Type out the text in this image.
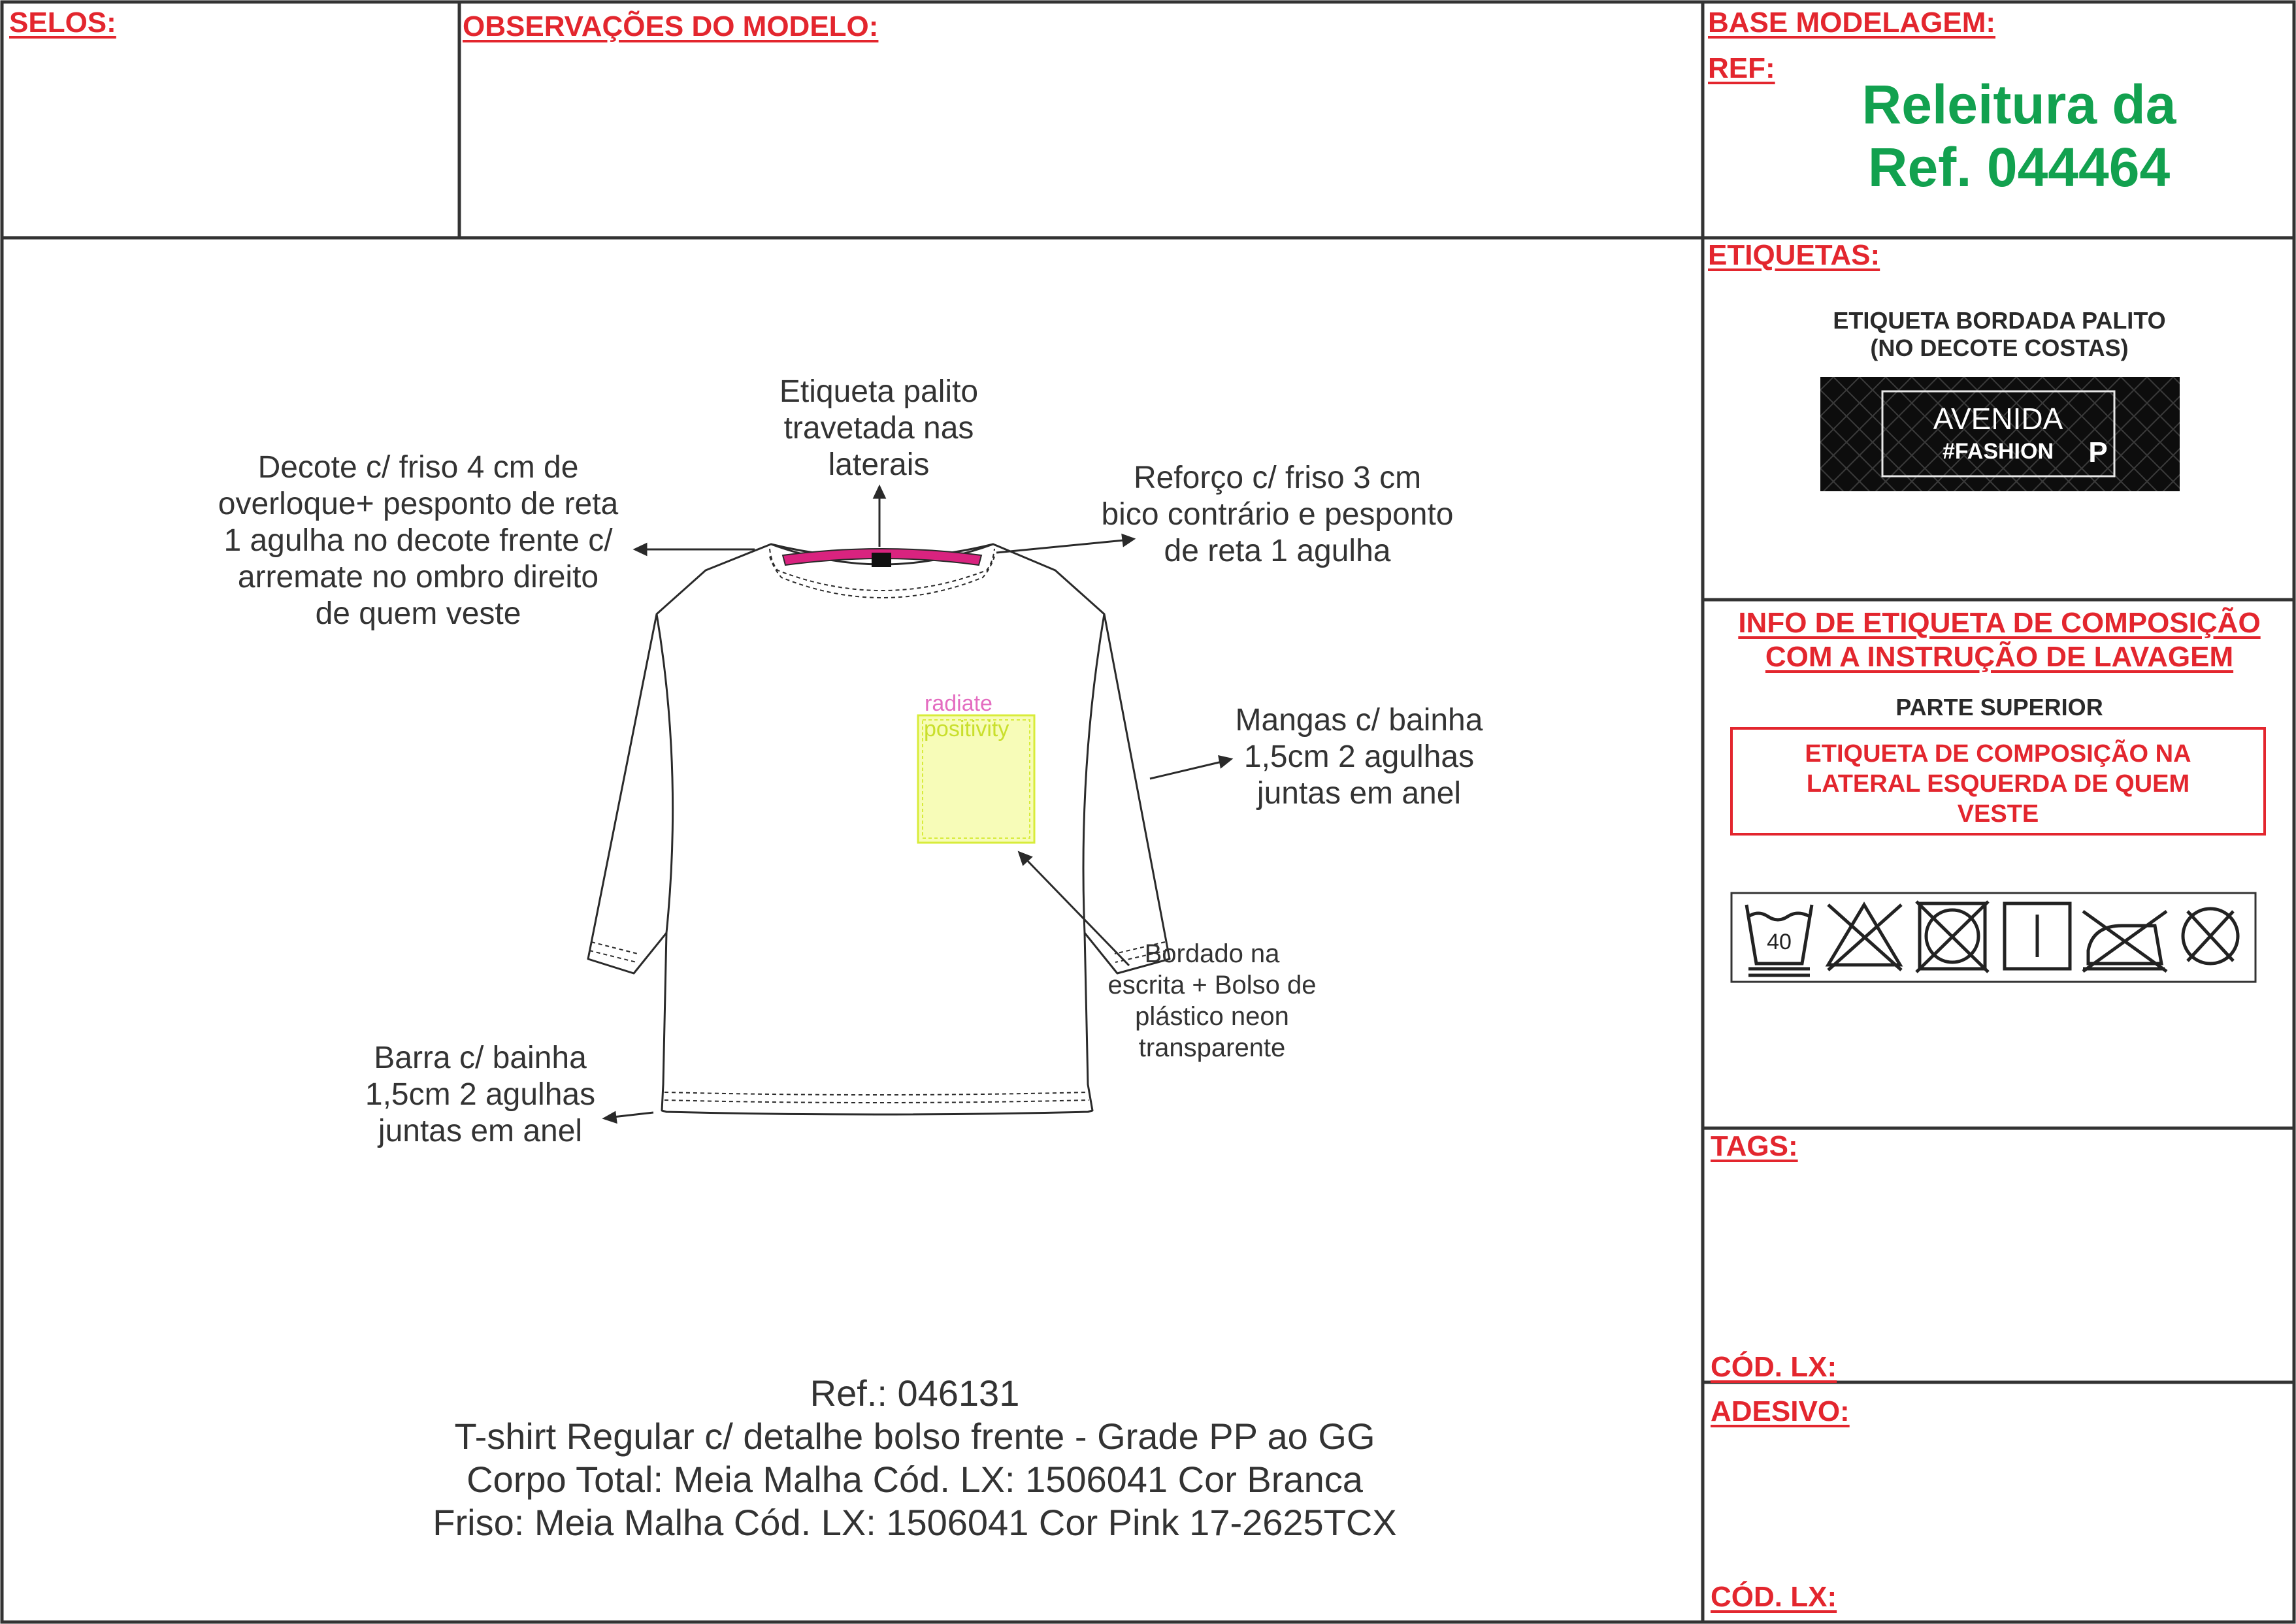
SELOS:	OBSERVAÇÕES DO MODELO:	BASE MODELAGEM:
REF:
ETIQUETAS:
TAGS:
CÓD. LX:
ADESIVO:
CÓD. LX:
Releitura da
Ref. 044464
ETIQUETA BORDADA PALITO
(NO DECOTE COSTAS)
AVENIDA
#FASHION P
INFO DE ETIQUETA DE COMPOSIÇÃO
COM A INSTRUÇÃO DE LAVAGEM
PARTE SUPERIOR
ETIQUETA DE COMPOSIÇÃO NA
LATERAL ESQUERDA DE QUEM
VESTE
40
radiate
positivity
Etiqueta palito
travetada nas
laterais
Decote c/ friso 4 cm de
overloque+ pesponto de reta
1 agulha no decote frente c/
arremate no ombro direito
de quem veste
Reforço c/ friso 3 cm
bico contrário e pesponto
de reta 1 agulha
Mangas c/ bainha
1,5cm 2 agulhas
juntas em anel
Bordado na
escrita + Bolso de
plástico neon
transparente
Barra c/ bainha
1,5cm 2 agulhas
juntas em anel
Ref.: 046131
T-shirt Regular c/ detalhe bolso frente - Grade PP ao GG
Corpo Total: Meia Malha Cód. LX: 1506041 Cor Branca
Friso: Meia Malha Cód. LX: 1506041 Cor Pink 17-2625TCX
